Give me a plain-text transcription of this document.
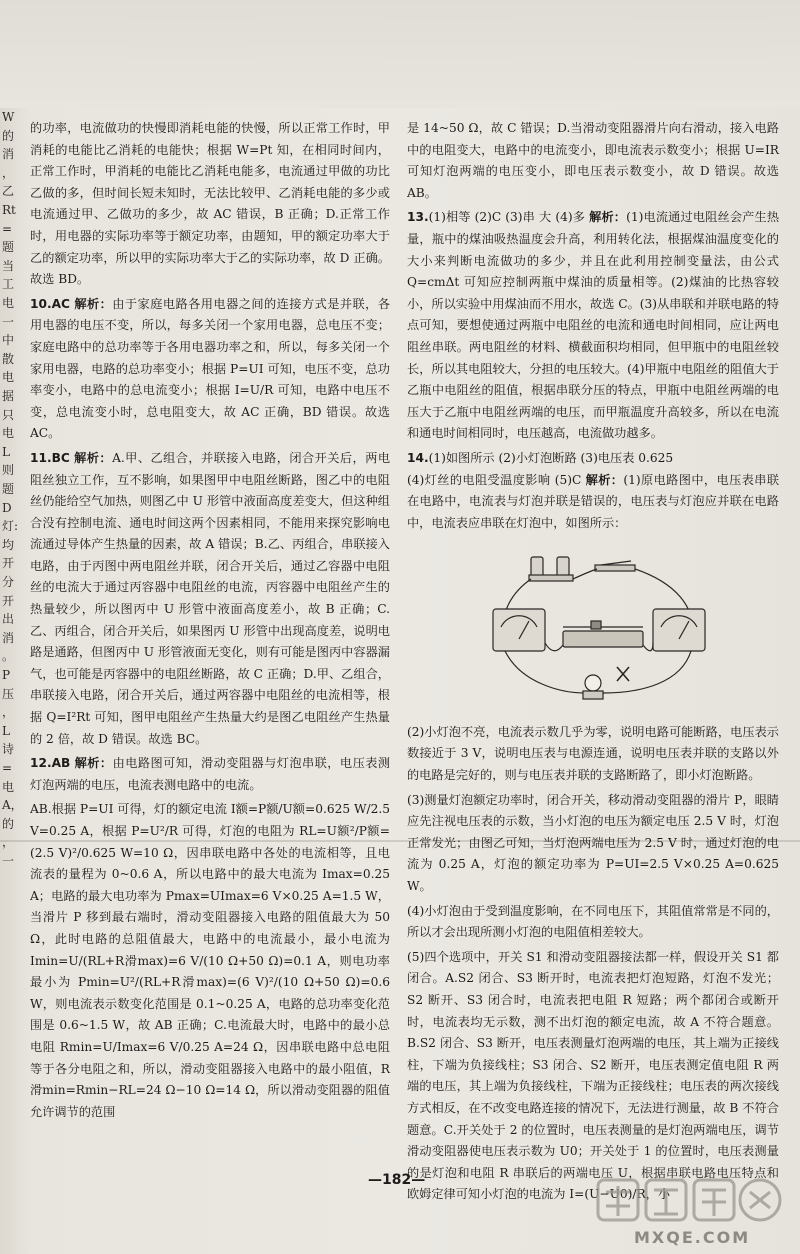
W
的
消
，
乙
Rt
=
题
当
工
电
一
中
散
电
据
只
电
L
则
题
D
灯:
均
开
分
开
出
消
。
P
压
，
L
诗
=
电
A，
的
，
一

的功率，电流做功的快慢即消耗电能的快慢，所以正常工作时，甲消耗的电能比乙消耗的电能快；根据 W=Pt 知，在相同时间内，正常工作时，甲消耗的电能比乙消耗电能多，电流通过甲做的功比乙做的多，但时间长短未知时，无法比较甲、乙消耗电能的多少或电流通过甲、乙做功的多少，故 AC 错误，B 正确；D.正常工作时，用电器的实际功率等于额定功率，由题知，甲的额定功率大于乙的额定功率，所以甲的实际功率大于乙的实际功率，故 D 正确。故选 BD。

10.AC 解析：由于家庭电路各用电器之间的连接方式是并联，各用电器的电压不变，所以，每多关闭一个家用电器，总电压不变；家庭电路中的总功率等于各用电器功率之和，所以，每多关闭一个家用电器，电路的总功率变小；根据 P=UI 可知，电压不变，总功率变小，电路中的总电流变小；根据 I=U/R 可知，电路中电压不变，总电流变小时，总电阻变大，故 AC 正确，BD 错误。故选 AC。

11.BC 解析：A.甲、乙组合，并联接入电路，闭合开关后，两电阻丝独立工作，互不影响，如果图甲中电阻丝断路，图乙中的电阻丝仍能给空气加热，则图乙中 U 形管中液面高度差变大，但这种组合没有控制电流、通电时间这两个因素相同，不能用来探究影响电流通过导体产生热量的因素，故 A 错误；B.乙、丙组合，串联接入电路，由于丙图中两电阻丝并联，闭合开关后，通过乙容器中电阻丝的电流大于通过丙容器中电阻丝的电流，丙容器中电阻丝产生的热量较少，所以图丙中 U 形管中液面高度差小，故 B 正确；C.乙、丙组合，闭合开关后，如果图丙 U 形管中出现高度差，说明电路是通路，但图丙中 U 形管液面无变化，则有可能是图丙中容器漏气，也可能是丙容器中的电阻丝断路，故 C 正确；D.甲、乙组合，串联接入电路，闭合开关后，通过两容器中电阻丝的电流相等，根据 Q=I²Rt 可知，图甲电阻丝产生热量大约是图乙电阻丝产生热量的 2 倍，故 D 错误。故选 BC。

12.AB 解析：由电路图可知，滑动变阻器与灯泡串联，电压表测灯泡两端的电压，电流表测电路中的电流。

AB.根据 P=UI 可得，灯的额定电流 I额=P额/U额=0.625 W/2.5 V=0.25 A，根据 P=U²/R 可得，灯泡的电阻为 RL=U额²/P额=(2.5 V)²/0.625 W=10 Ω，因串联电路中各处的电流相等，且电流表的量程为 0~0.6 A，所以电路中的最大电流为 Imax=0.25 A；电路的最大电功率为 Pmax=UImax=6 V×0.25 A=1.5 W，当滑片 P 移到最右端时，滑动变阻器接入电路的阻值最大为 50 Ω，此时电路的总阻值最大，电路中的电流最小，最小电流为 Imin=U/(RL+R滑max)=6 V/(10 Ω+50 Ω)=0.1 A，则电功率最小为 Pmin=U²/(RL+R滑max)=(6 V)²/(10 Ω+50 Ω)=0.6 W，则电流表示数变化范围是 0.1~0.25 A，电路的总功率变化范围是 0.6~1.5 W，故 AB 正确；C.电流最大时，电路中的最小总电阻 Rmin=U/Imax=6 V/0.25 A=24 Ω，因串联电路中总电阻等于各分电阻之和，所以，滑动变阻器接入电路中的最小阻值，R滑min=Rmin−RL=24 Ω−10 Ω=14 Ω，所以滑动变阻器的阻值允许调节的范围

是 14~50 Ω，故 C 错误；D.当滑动变阻器滑片向右滑动，接入电路中的电阻变大，电路中的电流变小，即电流表示数变小；根据 U=IR 可知灯泡两端的电压变小，即电压表示数变小，故 D 错误。故选 AB。

13.(1)相等 (2)C (3)串 大 (4)多 解析：(1)电流通过电阻丝会产生热量，瓶中的煤油吸热温度会升高，利用转化法，根据煤油温度变化的大小来判断电流做功的多少，并且在此利用控制变量法，由公式 Q=cmΔt 可知应控制两瓶中煤油的质量相等。(2)煤油的比热容较小，所以实验中用煤油而不用水，故选 C。(3)从串联和并联电路的特点可知，要想使通过两瓶中电阻丝的电流和通电时间相同，应让两电阻丝串联。两电阻丝的材料、横截面积均相同，但甲瓶中的电阻丝较长，所以其电阻较大，分担的电压较大。(4)甲瓶中电阻丝的阻值大于乙瓶中电阻丝的阻值，根据串联分压的特点，甲瓶中电阻丝两端的电压大于乙瓶中电阻丝两端的电压，而甲瓶温度升高较多，所以在电流和通电时间相同时，电压越高，电流做功越多。

14.(1)如图所示 (2)小灯泡断路 (3)电压表 0.625
(4)灯丝的电阻受温度影响 (5)C 解析：(1)原电路图中，电压表串联在电路中，电流表与灯泡并联是错误的，电压表与灯泡应并联在电路中，电流表应串联在灯泡中，如图所示：

(2)小灯泡不亮，电流表示数几乎为零，说明电路可能断路，电压表示数接近于 3 V，说明电压表与电源连通，说明电压表并联的支路以外的电路是完好的，则与电压表并联的支路断路了，即小灯泡断路。

(3)测量灯泡额定功率时，闭合开关，移动滑动变阻器的滑片 P，眼睛应先注视电压表的示数，当小灯泡的电压为额定电压 2.5 V 时，灯泡正常发光；由图乙可知，当灯泡两端电压为 2.5 V 时，通过灯泡的电流为 0.25 A，灯泡的额定功率为 P=UI=2.5 V×0.25 A=0.625 W。

(4)小灯泡由于受到温度影响，在不同电压下，其阻值常常是不同的，所以才会出现所测小灯泡的电阻值相差较大。

(5)四个选项中，开关 S1 和滑动变阻器接法都一样，假设开关 S1 都闭合。A.S2 闭合、S3 断开时，电流表把灯泡短路，灯泡不发光；S2 断开、S3 闭合时，电流表把电阻 R 短路；两个都闭合或断开时，电流表均无示数，测不出灯泡的额定电流，故 A 不符合题意。B.S2 闭合、S3 断开，电压表测量灯泡两端的电压，其上端为正接线柱，下端为负接线柱；S3 闭合、S2 断开，电压表测定值电阻 R 两端的电压，其上端为负接线柱，下端为正接线柱；电压表的两次接线方式相反，在不改变电路连接的情况下，无法进行测量，故 B 不符合题意。C.开关处于 2 的位置时，电压表测量的是灯泡两端电压，调节滑动变阻器使电压表示数为 U0；开关处于 1 的位置时，电压表测量的是灯泡和电阻 R 串联后的两端电压 U，根据串联电路电压特点和欧姆定律可知小灯泡的电流为 I=(U−U0)/R，小

—182—
MXQE.COM
